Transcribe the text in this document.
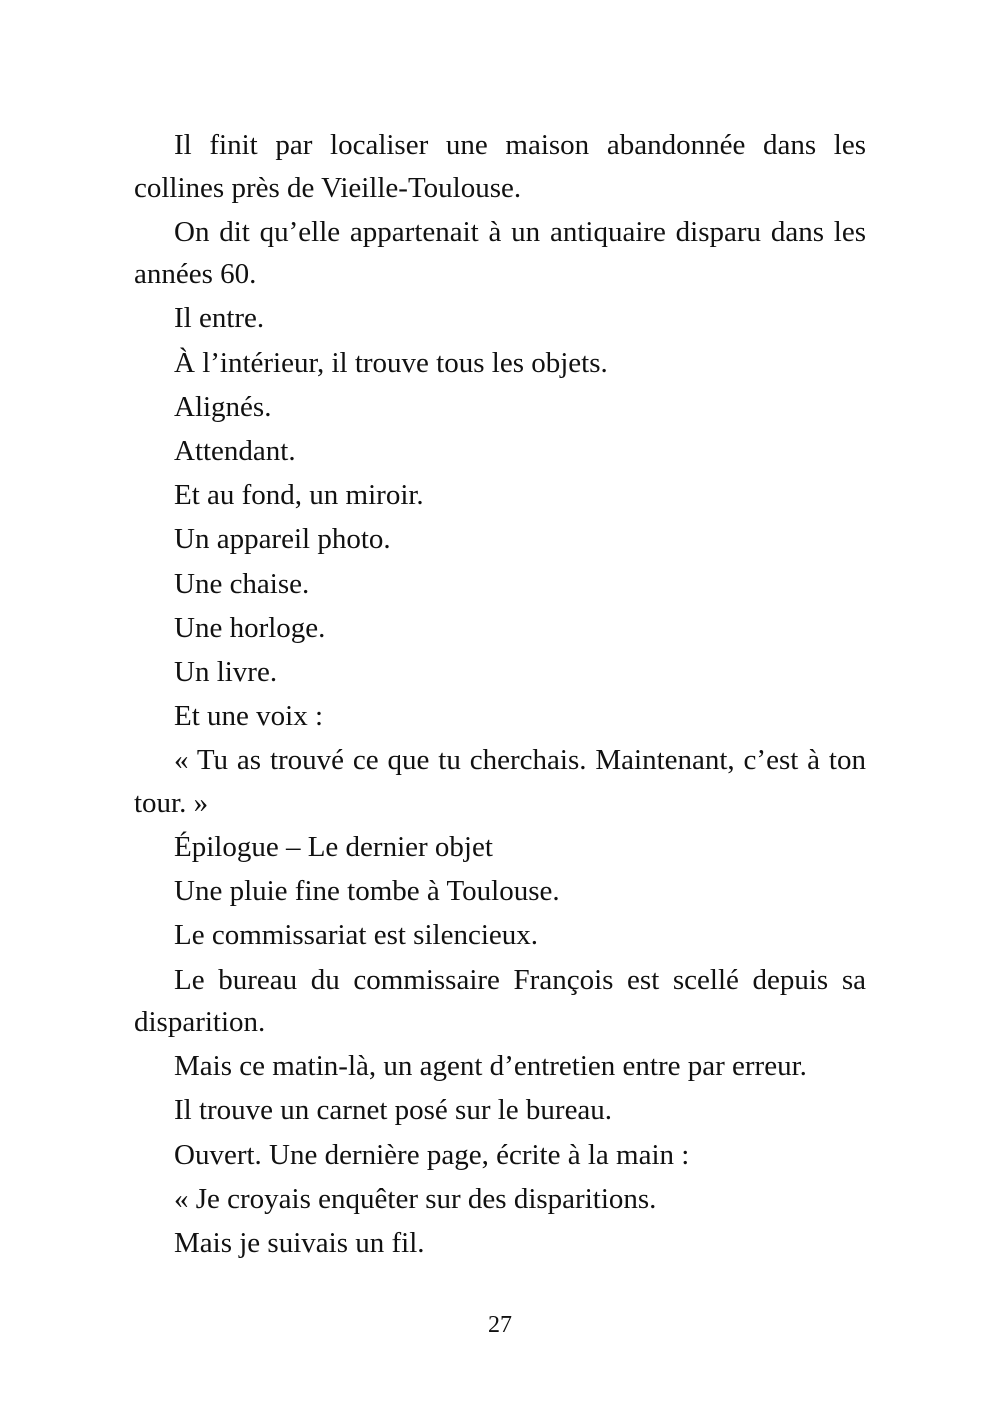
Il finit par localiser une maison abandonnée dans les collines près de Vieille-Toulouse.

On dit qu’elle appartenait à un antiquaire disparu dans les années 60.

Il entre.

À l’intérieur, il trouve tous les objets.

Alignés.

Attendant.

Et au fond, un miroir.

Un appareil photo.

Une chaise.

Une horloge.

Un livre.

Et une voix :

« Tu as trouvé ce que tu cherchais. Maintenant, c’est à ton tour. »

Épilogue – Le dernier objet

Une pluie fine tombe à Toulouse.

Le commissariat est silencieux.

Le bureau du commissaire François est scellé depuis sa disparition.

Mais ce matin-là, un agent d’entretien entre par erreur.

Il trouve un carnet posé sur le bureau.

Ouvert. Une dernière page, écrite à la main :

« Je croyais enquêter sur des disparitions.

Mais je suivais un fil.

27
